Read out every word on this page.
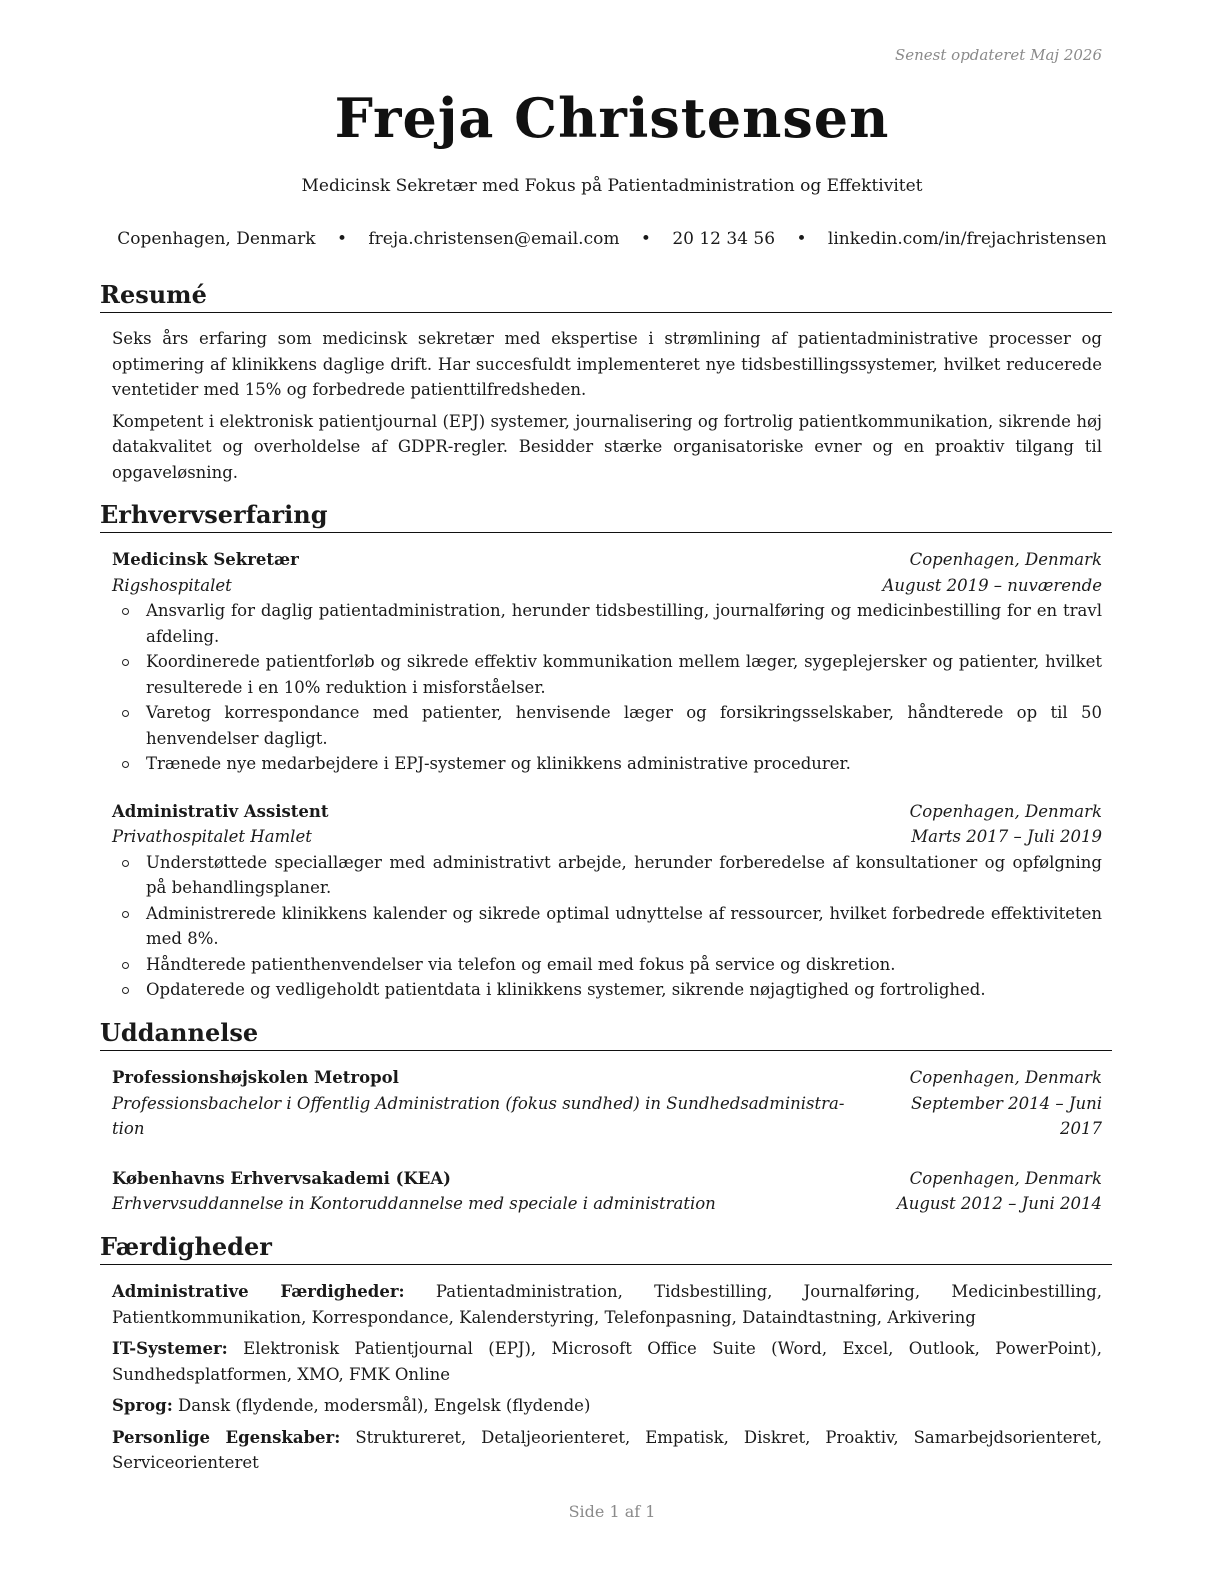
Senest opdateret Maj 2026
Freja Christensen
Medicinsk Sekretær med Fokus på Patientadministration og Effektivitet
Copenhagen, Denmark • freja.christensen@email.com • 20 12 34 56 • linkedin.com/in/frejachristensen
Resumé

Seks års erfaring som medicinsk sekretær med ekspertise i strømlining af patientadministrative processer og optimering af klinikkens daglige drift. Har succesfuldt implementeret nye tidsbestillingssystemer, hvilket reducerede ventetider med 15% og forbedrede patienttilfredsheden.

Kompetent i elektronisk patientjournal (EPJ) systemer, journalisering og fortrolig patientkommunikation, sikrende høj datakvalitet og overholdelse af GDPR-regler. Besidder stærke organisatoriske evner og en proaktiv tilgang til opgaveløsning.

Erhvervserfaring
Medicinsk Sekretær	Copenhagen, Denmark
Rigshospitalet	August 2019 – nuværende
Ansvarlig for daglig patientadministration, herunder tidsbestilling, journalføring og medicinbestilling for en travl afdeling.
Koordinerede patientforløb og sikrede effektiv kommunikation mellem læger, sygeplejersker og patienter, hvilket resulterede i en 10% reduktion i misforståelser.
Varetog korrespondance med patienter, henvisende læger og forsikringsselskaber, håndterede op til 50 henvendelser dagligt.
Trænede nye medarbejdere i EPJ-systemer og klinikkens administrative procedurer.
Administrativ Assistent	Copenhagen, Denmark
Privathospitalet Hamlet	Marts 2017 – Juli 2019
Understøttede speciallæger med administrativt arbejde, herunder forberedelse af konsultationer og opfølgning på behandlingsplaner.
Administrerede klinikkens kalender og sikrede optimal udnyttelse af ressourcer, hvilket forbedrede effektiviteten med 8%.
Håndterede patienthenvendelser via telefon og email med fokus på service og diskretion.
Opdaterede og vedligeholdt patientdata i klinikkens systemer, sikrende nøjagtighed og fortrolighed.
Uddannelse
Professionshøjskolen Metropol	Copenhagen, Denmark
Professionsbachelor i Offentlig Administration (fokus sundhed) in Sundhedsadministra-	September 2014 – Juni
tion	2017
Københavns Erhvervsakademi (KEA)	Copenhagen, Denmark
Erhvervsuddannelse in Kontoruddannelse med speciale i administration	August 2012 – Juni 2014
Færdigheder
Administrative Færdigheder: Patientadministration, Tidsbestilling, Journalføring, Medicinbestilling, Patientkommunikation, Korrespondance, Kalenderstyring, Telefonpasning, Dataindtastning, Arkivering
IT-Systemer: Elektronisk Patientjournal (EPJ), Microsoft Office Suite (Word, Excel, Outlook, PowerPoint), Sundhedsplatformen, XMO, FMK Online
Sprog: Dansk (flydende, modersmål), Engelsk (flydende)
Personlige Egenskaber: Struktureret, Detaljeorienteret, Empatisk, Diskret, Proaktiv, Samarbejdsorienteret, Serviceorienteret
Side 1 af 1
